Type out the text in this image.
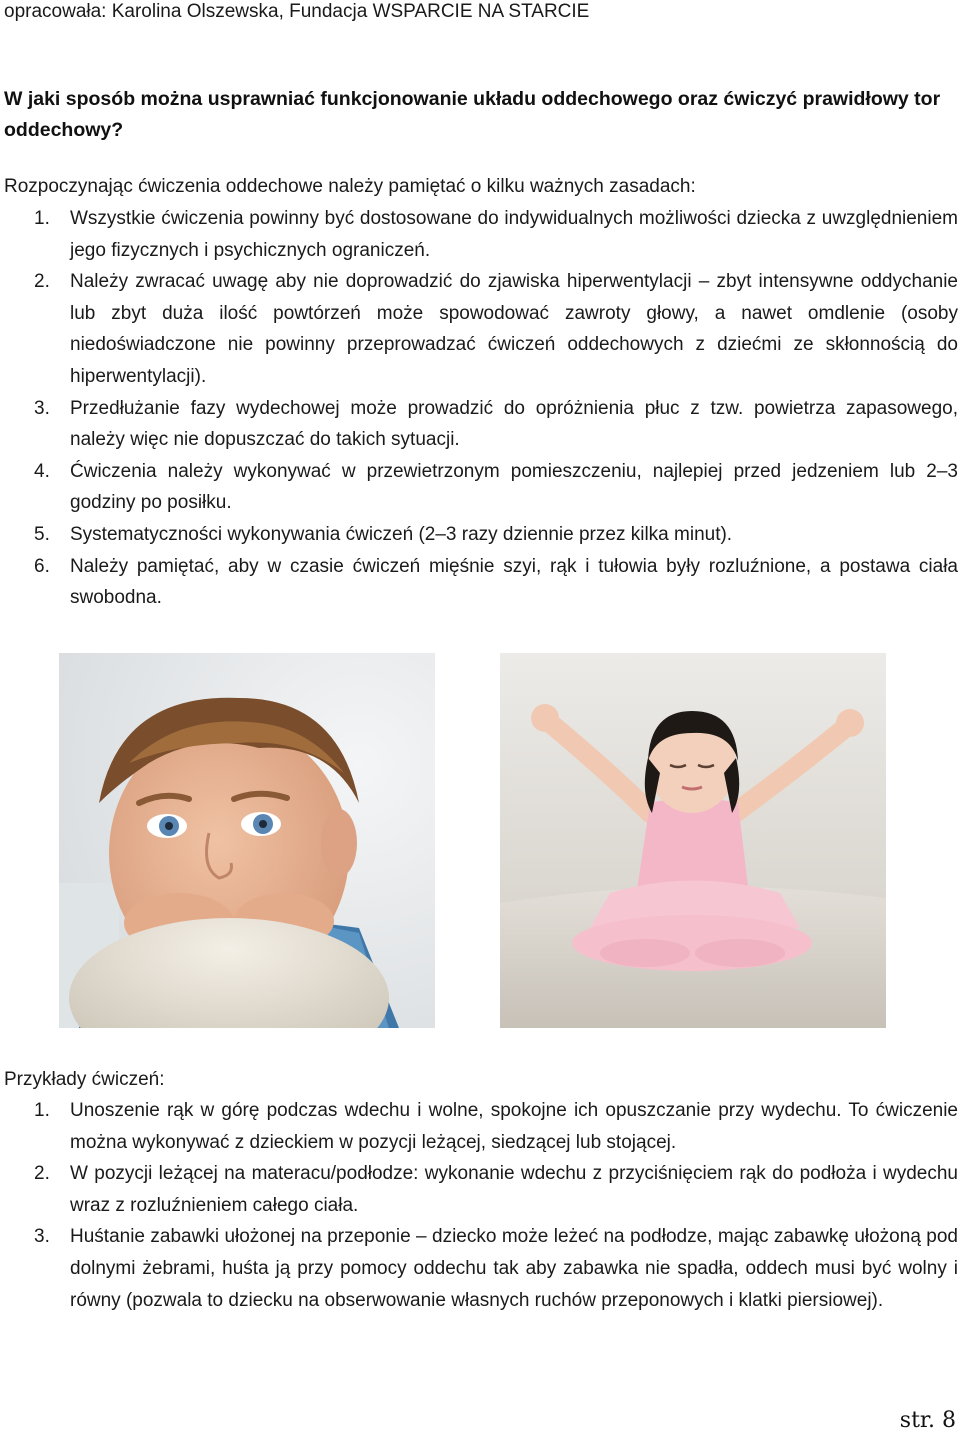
opracowała: Karolina Olszewska, Fundacja WSPARCIE NA STARCIE
W jaki sposób można usprawniać funkcjonowanie układu oddechowego oraz ćwiczyć prawidłowy tor oddechowy?
Rozpoczynając ćwiczenia oddechowe należy pamiętać o kilku ważnych zasadach:
1.	Wszystkie ćwiczenia powinny być dostosowane do indywidualnych możliwości dziecka z uwzględnieniem jego fizycznych i psychicznych ograniczeń.
2.	Należy zwracać uwagę aby nie doprowadzić do zjawiska hiperwentylacji – zbyt intensywne oddychanie lub zbyt duża ilość powtórzeń może spowodować zawroty głowy, a nawet omdlenie (osoby niedoświadczone nie powinny przeprowadzać ćwiczeń oddechowych z dziećmi ze skłonnością do hiperwentylacji).
3.	Przedłużanie fazy wydechowej może prowadzić do opróżnienia płuc z tzw. powietrza zapasowego, należy więc nie dopuszczać do takich sytuacji.
4.	Ćwiczenia należy wykonywać w przewietrzonym pomieszczeniu, najlepiej przed jedzeniem lub 2–3 godziny po posiłku.
5.	Systematyczności wykonywania ćwiczeń (2–3 razy dziennie przez kilka minut).
6.	Należy pamiętać, aby w czasie ćwiczeń mięśnie szyi, rąk i tułowia były rozluźnione, a postawa ciała swobodna.
Przykłady ćwiczeń:
1.	Unoszenie rąk w górę podczas wdechu i wolne, spokojne ich opuszczanie przy wydechu. To ćwiczenie można wykonywać z dzieckiem w pozycji leżącej, siedzącej lub stojącej.
2.	W pozycji leżącej na materacu/podłodze: wykonanie wdechu z przyciśnięciem rąk do podłoża i wydechu wraz z rozluźnieniem całego ciała.
3.	Huśtanie zabawki ułożonej na przeponie – dziecko może leżeć na podłodze, mając zabawkę ułożoną pod dolnymi żebrami, huśta ją przy pomocy oddechu tak aby zabawka nie spadła, oddech musi być wolny i równy (pozwala to dziecku na obserwowanie własnych ruchów przeponowych i klatki piersiowej).
str. 8
